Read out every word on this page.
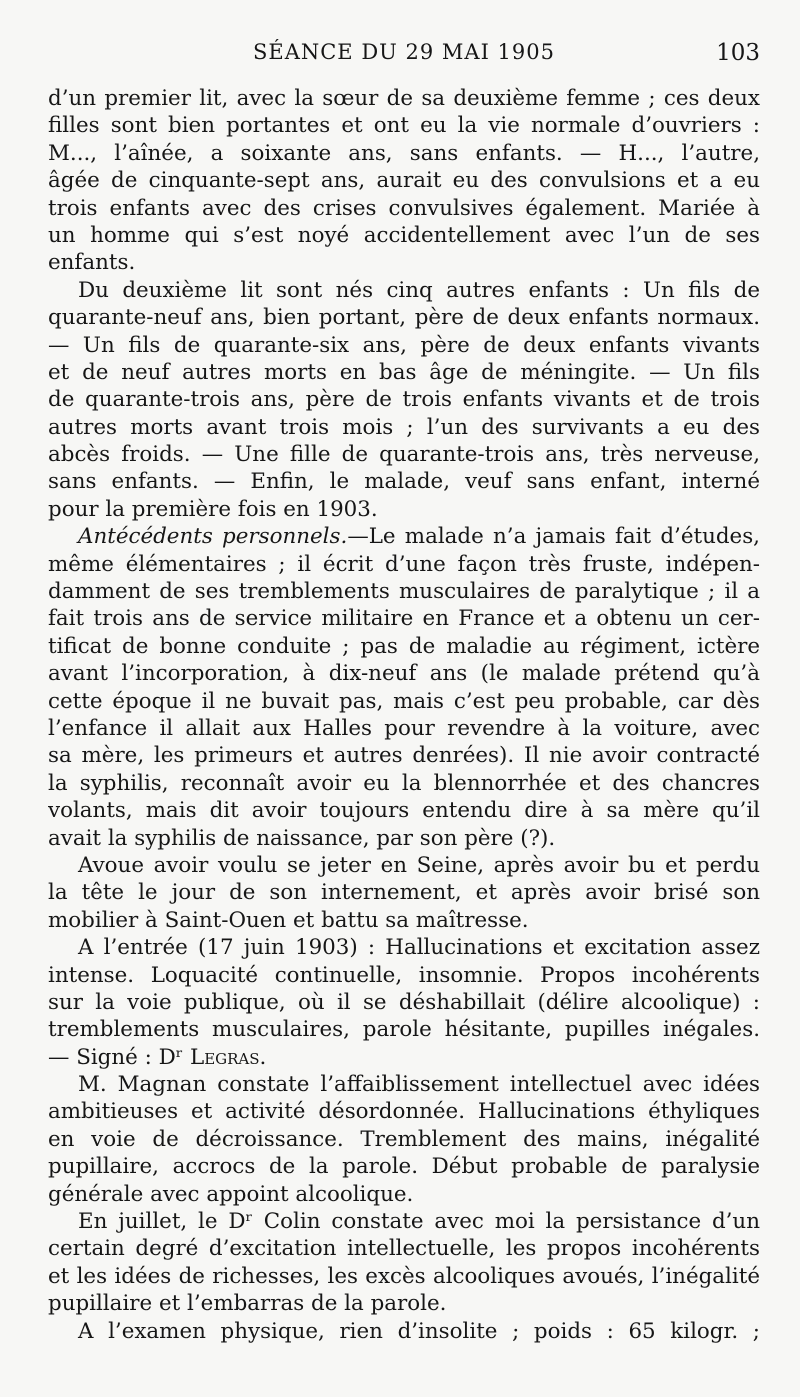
SÉANCE DU 29 MAI 1905	103
d’un premier lit, avec la sœur de sa deuxième femme ; ces deux
filles sont bien portantes et ont eu la vie normale d’ouvriers :
M..., l’aînée, a soixante ans, sans enfants. — H..., l’autre,
âgée de cinquante-sept ans, aurait eu des convulsions et a eu
trois enfants avec des crises convulsives également. Mariée à
un homme qui s’est noyé accidentellement avec l’un de ses
enfants.
Du deuxième lit sont nés cinq autres enfants : Un fils de
quarante-neuf ans, bien portant, père de deux enfants normaux.
— Un fils de quarante-six ans, père de deux enfants vivants
et de neuf autres morts en bas âge de méningite. — Un fils
de quarante-trois ans, père de trois enfants vivants et de trois
autres morts avant trois mois ; l’un des survivants a eu des
abcès froids. — Une fille de quarante-trois ans, très nerveuse,
sans enfants. — Enfin, le malade, veuf sans enfant, interné
pour la première fois en 1903.
Antécédents personnels.—Le malade n’a jamais fait d’études,
même élémentaires ; il écrit d’une façon très fruste, indépen-
damment de ses tremblements musculaires de paralytique ; il a
fait trois ans de service militaire en France et a obtenu un cer-
tificat de bonne conduite ; pas de maladie au régiment, ictère
avant l’incorporation, à dix-neuf ans (le malade prétend qu’à
cette époque il ne buvait pas, mais c’est peu probable, car dès
l’enfance il allait aux Halles pour revendre à la voiture, avec
sa mère, les primeurs et autres denrées). Il nie avoir contracté
la syphilis, reconnaît avoir eu la blennorrhée et des chancres
volants, mais dit avoir toujours entendu dire à sa mère qu’il
avait la syphilis de naissance, par son père (?).
Avoue avoir voulu se jeter en Seine, après avoir bu et perdu
la tête le jour de son internement, et après avoir brisé son
mobilier à Saint-Ouen et battu sa maîtresse.
A l’entrée (17 juin 1903) : Hallucinations et excitation assez
intense. Loquacité continuelle, insomnie. Propos incohérents
sur la voie publique, où il se déshabillait (délire alcoolique) :
tremblements musculaires, parole hésitante, pupilles inégales.
— Signé : Dʳ Legras.
M. Magnan constate l’affaiblissement intellectuel avec idées
ambitieuses et activité désordonnée. Hallucinations éthyliques
en voie de décroissance. Tremblement des mains, inégalité
pupillaire, accrocs de la parole. Début probable de paralysie
générale avec appoint alcoolique.
En juillet, le Dʳ Colin constate avec moi la persistance d’un
certain degré d’excitation intellectuelle, les propos incohérents
et les idées de richesses, les excès alcooliques avoués, l’inégalité
pupillaire et l’embarras de la parole.
A l’examen physique, rien d’insolite ; poids : 65 kilogr. ;
